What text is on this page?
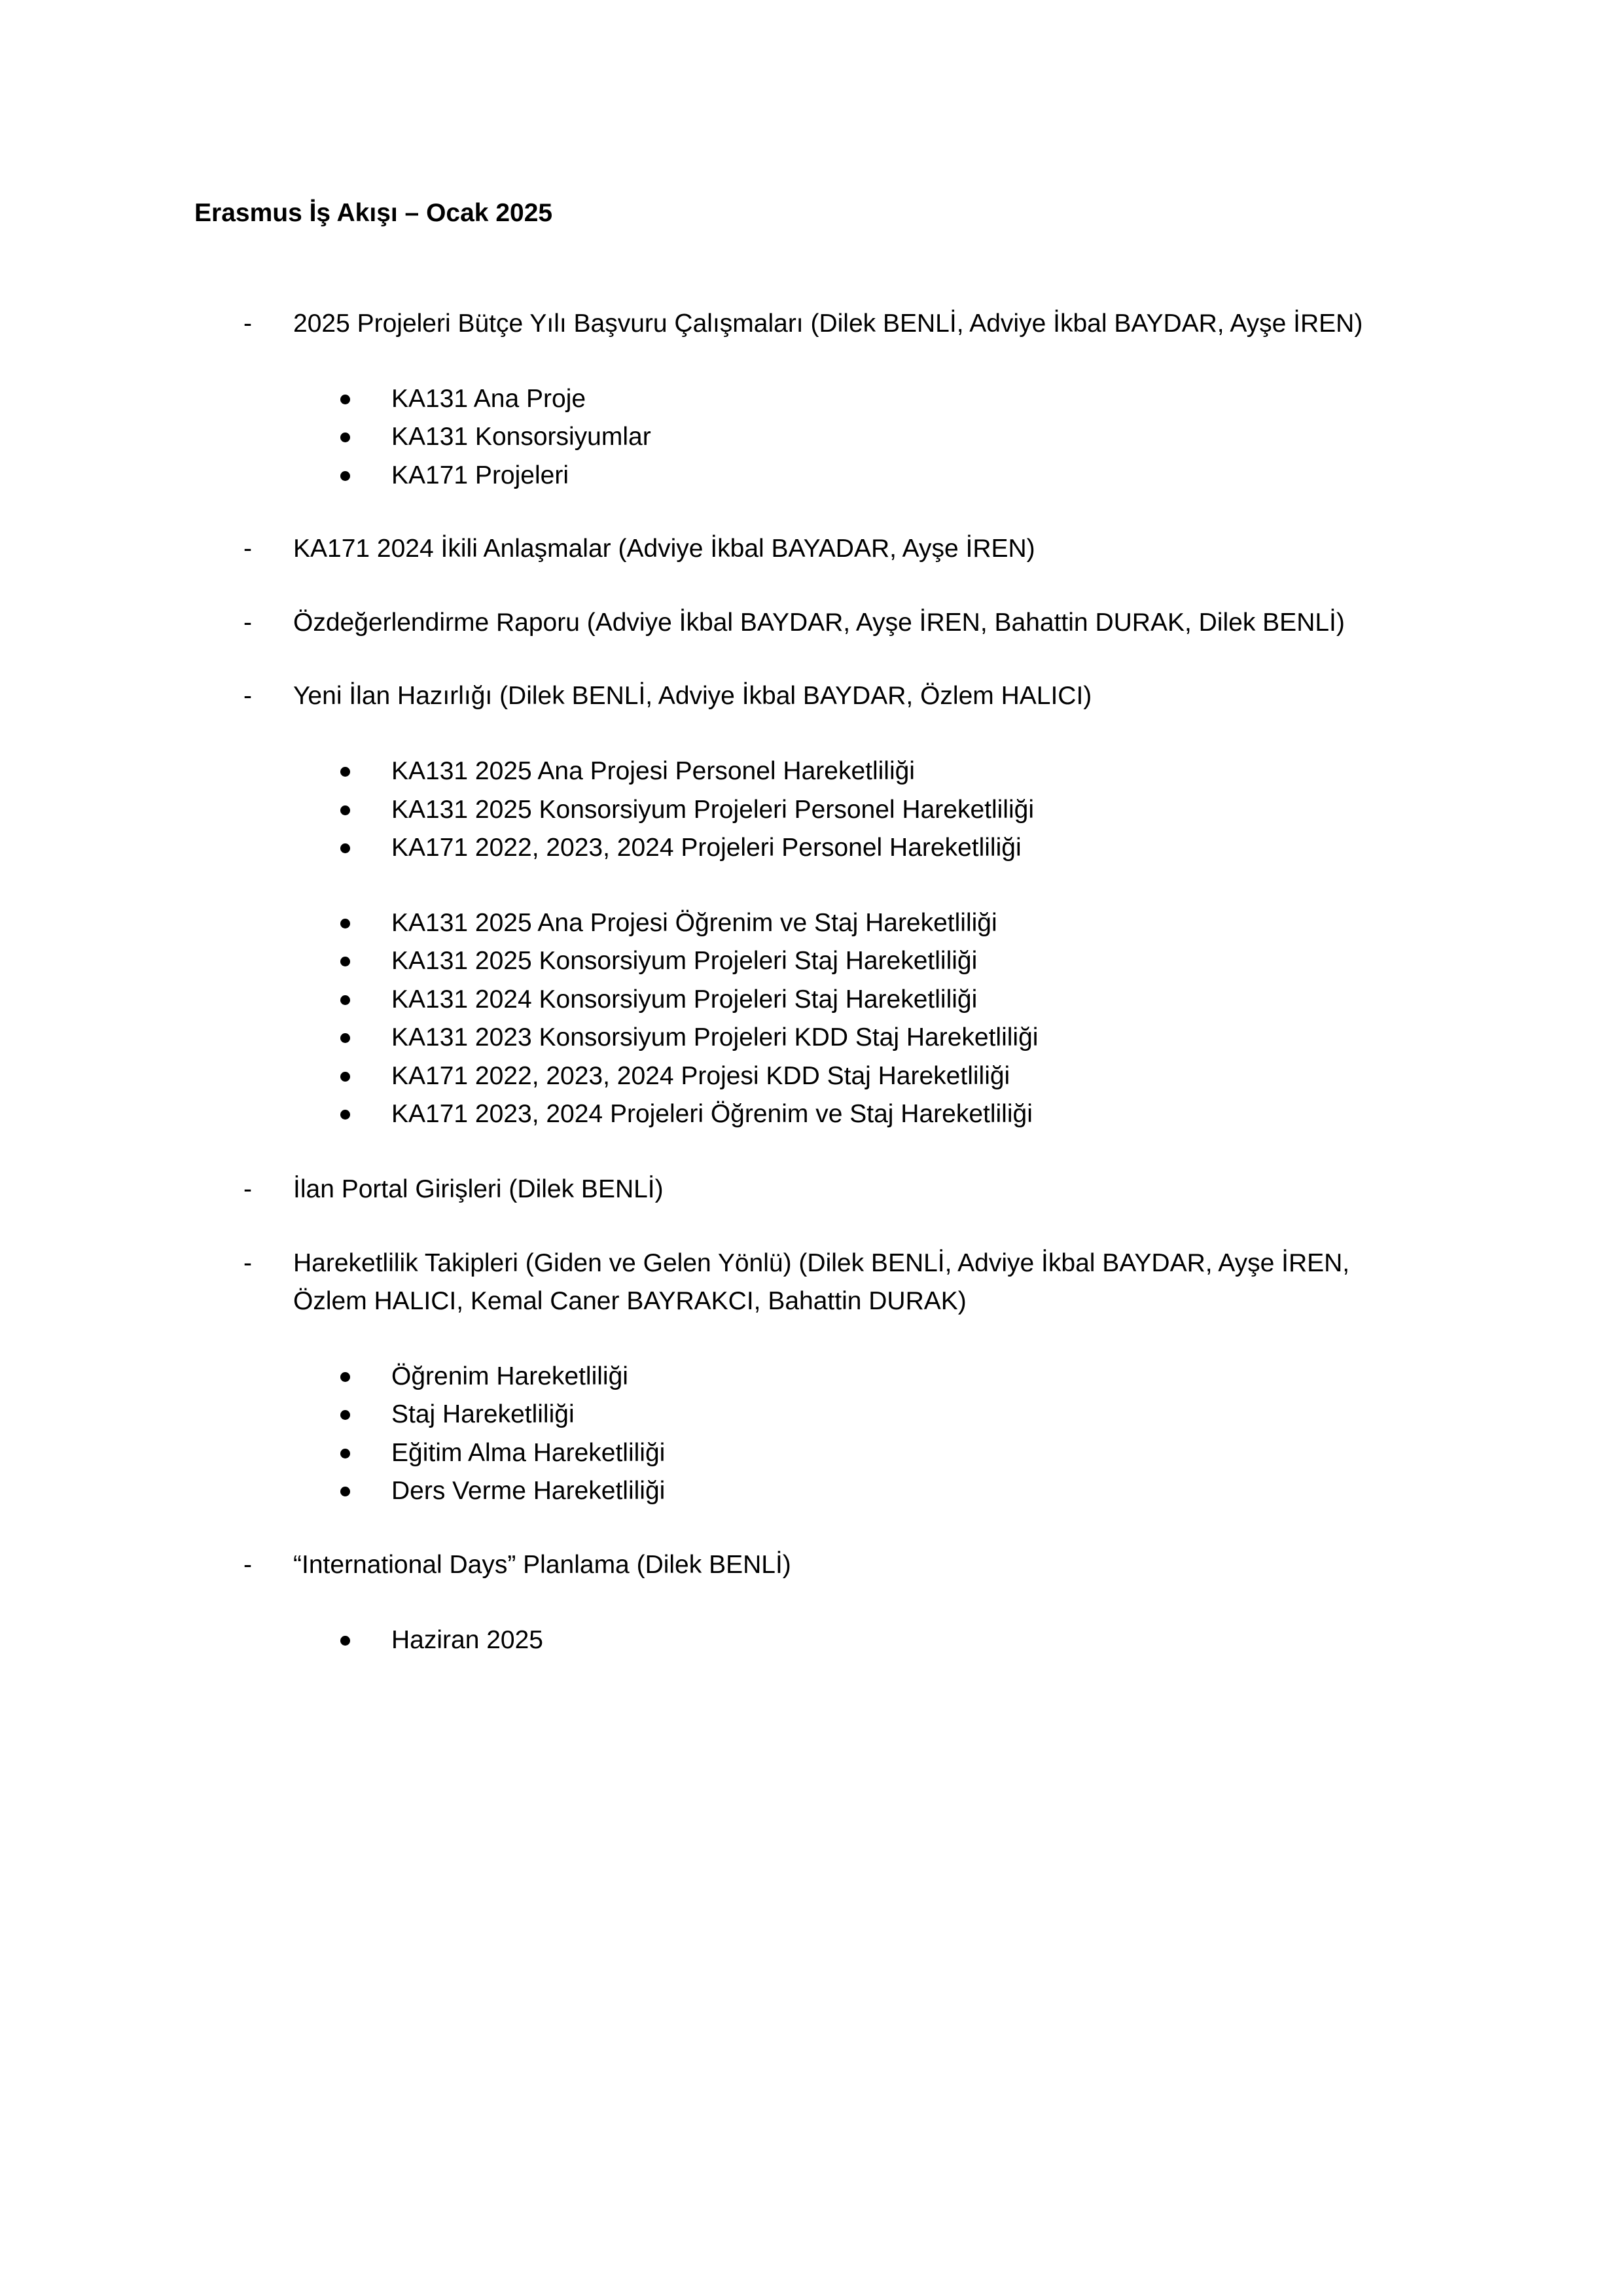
Erasmus İş Akışı – Ocak 2025
-	2025 Projeleri Bütçe Yılı Başvuru Çalışmaları (Dilek BENLİ, Adviye İkbal BAYDAR, Ayşe İREN)
KA131 Ana Proje
KA131 Konsorsiyumlar
KA171 Projeleri
-	KA171 2024 İkili Anlaşmalar (Adviye İkbal BAYADAR, Ayşe İREN)
-	Özdeğerlendirme Raporu (Adviye İkbal BAYDAR, Ayşe İREN, Bahattin DURAK, Dilek BENLİ)
-	Yeni İlan Hazırlığı (Dilek BENLİ, Adviye İkbal BAYDAR, Özlem HALICI)
KA131 2025 Ana Projesi Personel Hareketliliği
KA131 2025 Konsorsiyum Projeleri Personel Hareketliliği
KA171 2022, 2023, 2024 Projeleri Personel Hareketliliği
KA131 2025 Ana Projesi Öğrenim ve Staj Hareketliliği
KA131 2025 Konsorsiyum Projeleri Staj Hareketliliği
KA131 2024 Konsorsiyum Projeleri Staj Hareketliliği
KA131 2023 Konsorsiyum Projeleri KDD Staj Hareketliliği
KA171 2022, 2023, 2024 Projesi KDD Staj Hareketliliği
KA171 2023, 2024 Projeleri Öğrenim ve Staj Hareketliliği
-	İlan Portal Girişleri (Dilek BENLİ)
-	Hareketlilik Takipleri (Giden ve Gelen Yönlü) (Dilek BENLİ, Adviye İkbal BAYDAR, Ayşe İREN,
Özlem HALICI, Kemal Caner BAYRAKCI, Bahattin DURAK)
Öğrenim Hareketliliği
Staj Hareketliliği
Eğitim Alma Hareketliliği
Ders Verme Hareketliliği
-	“International Days” Planlama (Dilek BENLİ)
Haziran 2025
